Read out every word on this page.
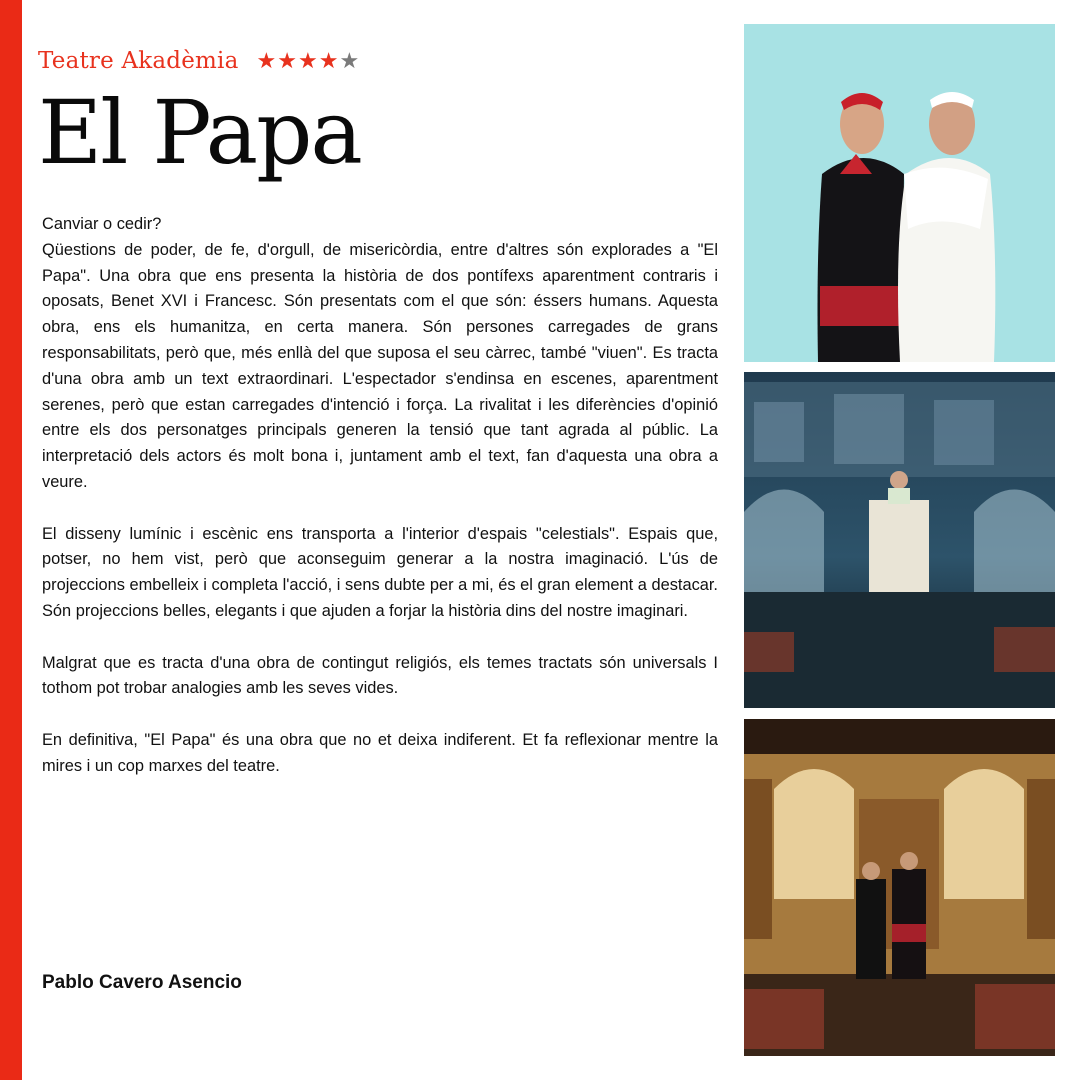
Teatre Akadèmia ★★★★★
El Papa

Canviar o cedir?

Qüestions de poder, de fe, d'orgull, de misericòrdia, entre d'altres són explorades a "El Papa". Una obra que ens presenta la història de dos pontífexs aparentment contraris i oposats, Benet XVI i Francesc. Són presentats com el que són: éssers humans. Aquesta obra, ens els humanitza, en certa manera. Són persones carregades de grans responsabilitats, però que, més enllà del que suposa el seu càrrec, també "viuen". Es tracta d'una obra amb un text extraordinari. L'espectador s'endinsa en escenes, aparentment serenes, però que estan carregades d'intenció i força. La rivalitat i les diferències d'opinió entre els dos personatges principals generen la tensió que tant agrada al públic. La interpretació dels actors és molt bona i, juntament amb el text, fan d'aquesta una obra a veure.

El disseny lumínic i escènic ens transporta a l'interior d'espais "celestials". Espais que, potser, no hem vist, però que aconseguim generar a la nostra imaginació. L'ús de projeccions embelleix i completa l'acció, i sens dubte per a mi, és el gran element a destacar. Són projeccions belles, elegants i que ajuden a forjar la història dins del nostre imaginari.

Malgrat que es tracta d'una obra de contingut religiós, els temes tractats són universals I tothom pot trobar analogies amb les seves vides.

En definitiva, "El Papa" és una obra que no et deixa indiferent. Et fa reflexionar mentre la mires i un cop marxes del teatre.

Pablo Cavero Asencio
